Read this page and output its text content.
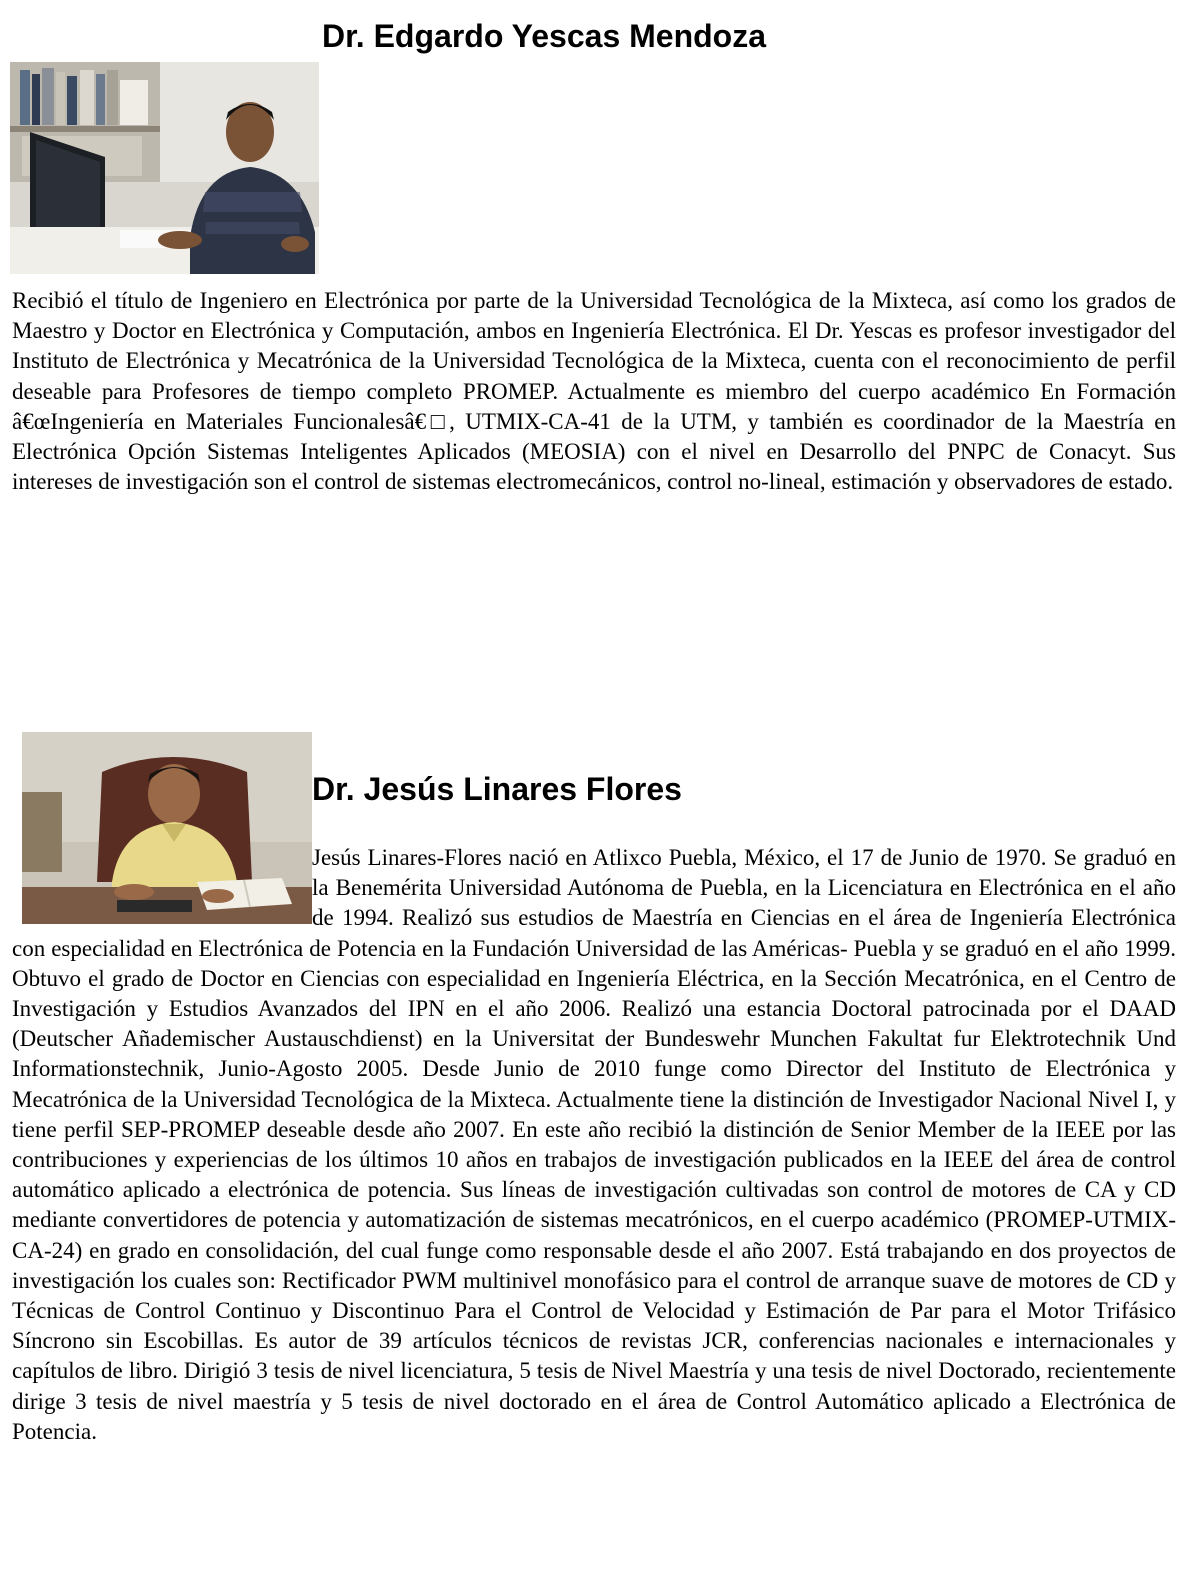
Dr. Edgardo Yescas Mendoza

Recibió el título de Ingeniero en Electrónica por parte de la Universidad Tecnológica de la Mixteca, así como los grados de Maestro y Doctor en Electrónica y Computación, ambos en Ingeniería Electrónica. El Dr. Yescas es profesor investigador del Instituto de Electrónica y Mecatrónica de la Universidad Tecnológica de la Mixteca, cuenta con el reconocimiento de perfil deseable para Profesores de tiempo completo PROMEP. Actualmente es miembro del cuerpo académico En Formación â€œIngeniería en Materiales Funcionalesâ€□, UTMIX-CA-41 de la UTM, y también es coordinador de la Maestría en Electrónica Opción Sistemas Inteligentes Aplicados (MEOSIA) con el nivel en Desarrollo del PNPC de Conacyt. Sus intereses de investigación son el control de sistemas electromecánicos, control no-lineal, estimación y observadores de estado.

Dr. Jesús Linares Flores
Jesús Linares-Flores nació en Atlixco Puebla, México, el 17 de Junio de 1970. Se graduó en la Benemérita Universidad Autónoma de Puebla, en la Licenciatura en Electrónica en el año de 1994. Realizó sus estudios de Maestría en Ciencias en el área de Ingeniería Electrónica con especialidad en Electrónica de Potencia en la Fundación Universidad de las Américas- Puebla y se graduó en el año 1999. Obtuvo el grado de Doctor en Ciencias con especialidad en Ingeniería Eléctrica, en la Sección Mecatrónica, en el Centro de Investigación y Estudios Avanzados del IPN en el año 2006. Realizó una estancia Doctoral patrocinada por el DAAD (Deutscher Añademischer Austauschdienst) en la Universitat der Bundeswehr Munchen Fakultat fur Elektrotechnik Und Informationstechnik, Junio-Agosto 2005. Desde Junio de 2010 funge como Director del Instituto de Electrónica y Mecatrónica de la Universidad Tecnológica de la Mixteca. Actualmente tiene la distinción de Investigador Nacional Nivel I, y tiene perfil SEP-PROMEP deseable desde año 2007. En este año recibió la distinción de Senior Member de la IEEE por las contribuciones y experiencias de los últimos 10 años en trabajos de investigación publicados en la IEEE del área de control automático aplicado a electrónica de potencia. Sus líneas de investigación cultivadas son control de motores de CA y CD mediante convertidores de potencia y automatización de sistemas mecatrónicos, en el cuerpo académico (PROMEP-UTMIX-CA-24) en grado en consolidación, del cual funge como responsable desde el año 2007. Está trabajando en dos proyectos de investigación los cuales son: Rectificador PWM multinivel monofásico para el control de arranque suave de motores de CD y Técnicas de Control Continuo y Discontinuo Para el Control de Velocidad y Estimación de Par para el Motor Trifásico Síncrono sin Escobillas. Es autor de 39 artículos técnicos de revistas JCR, conferencias nacionales e internacionales y capítulos de libro. Dirigió 3 tesis de nivel licenciatura, 5 tesis de Nivel Maestría y una tesis de nivel Doctorado, recientemente dirige 3 tesis de nivel maestría y 5 tesis de nivel doctorado en el área de Control Automático aplicado a Electrónica de Potencia.
